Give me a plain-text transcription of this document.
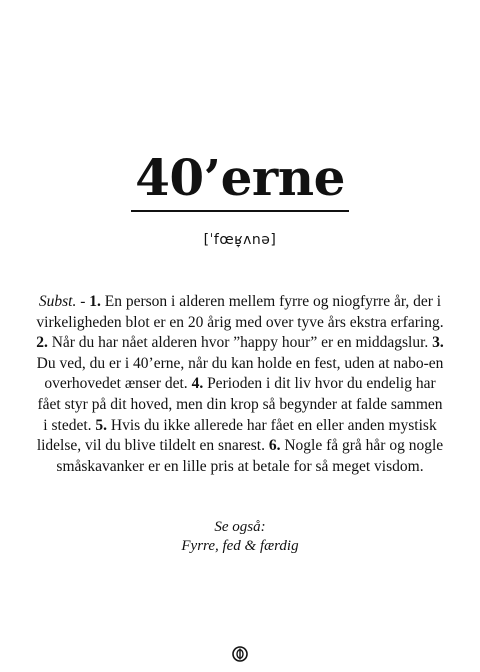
40’erne
[ˈfœʁ̞ʌnə]
Subst. - 1. En person i alderen mellem fyrre og niogfyrre år, der i virkeligheden blot er en 20 årig med over tyve års ekstra erfaring. 2. Når du har nået alderen hvor ”happy hour” er en middagslur. 3. Du ved, du er i 40’erne, når du kan holde en fest, uden at nabo-en overhovedet ænser det. 4. Perioden i dit liv hvor du endelig har fået styr på dit hoved, men din krop så begynder at falde sammen i stedet. 5. Hvis du ikke allerede har fået en eller anden mystisk lidelse, vil du blive tildelt en snarest. 6. Nogle få grå hår og nogle småskavanker er en lille pris at betale for så meget visdom.
Se også:
Fyrre, fed & færdig
